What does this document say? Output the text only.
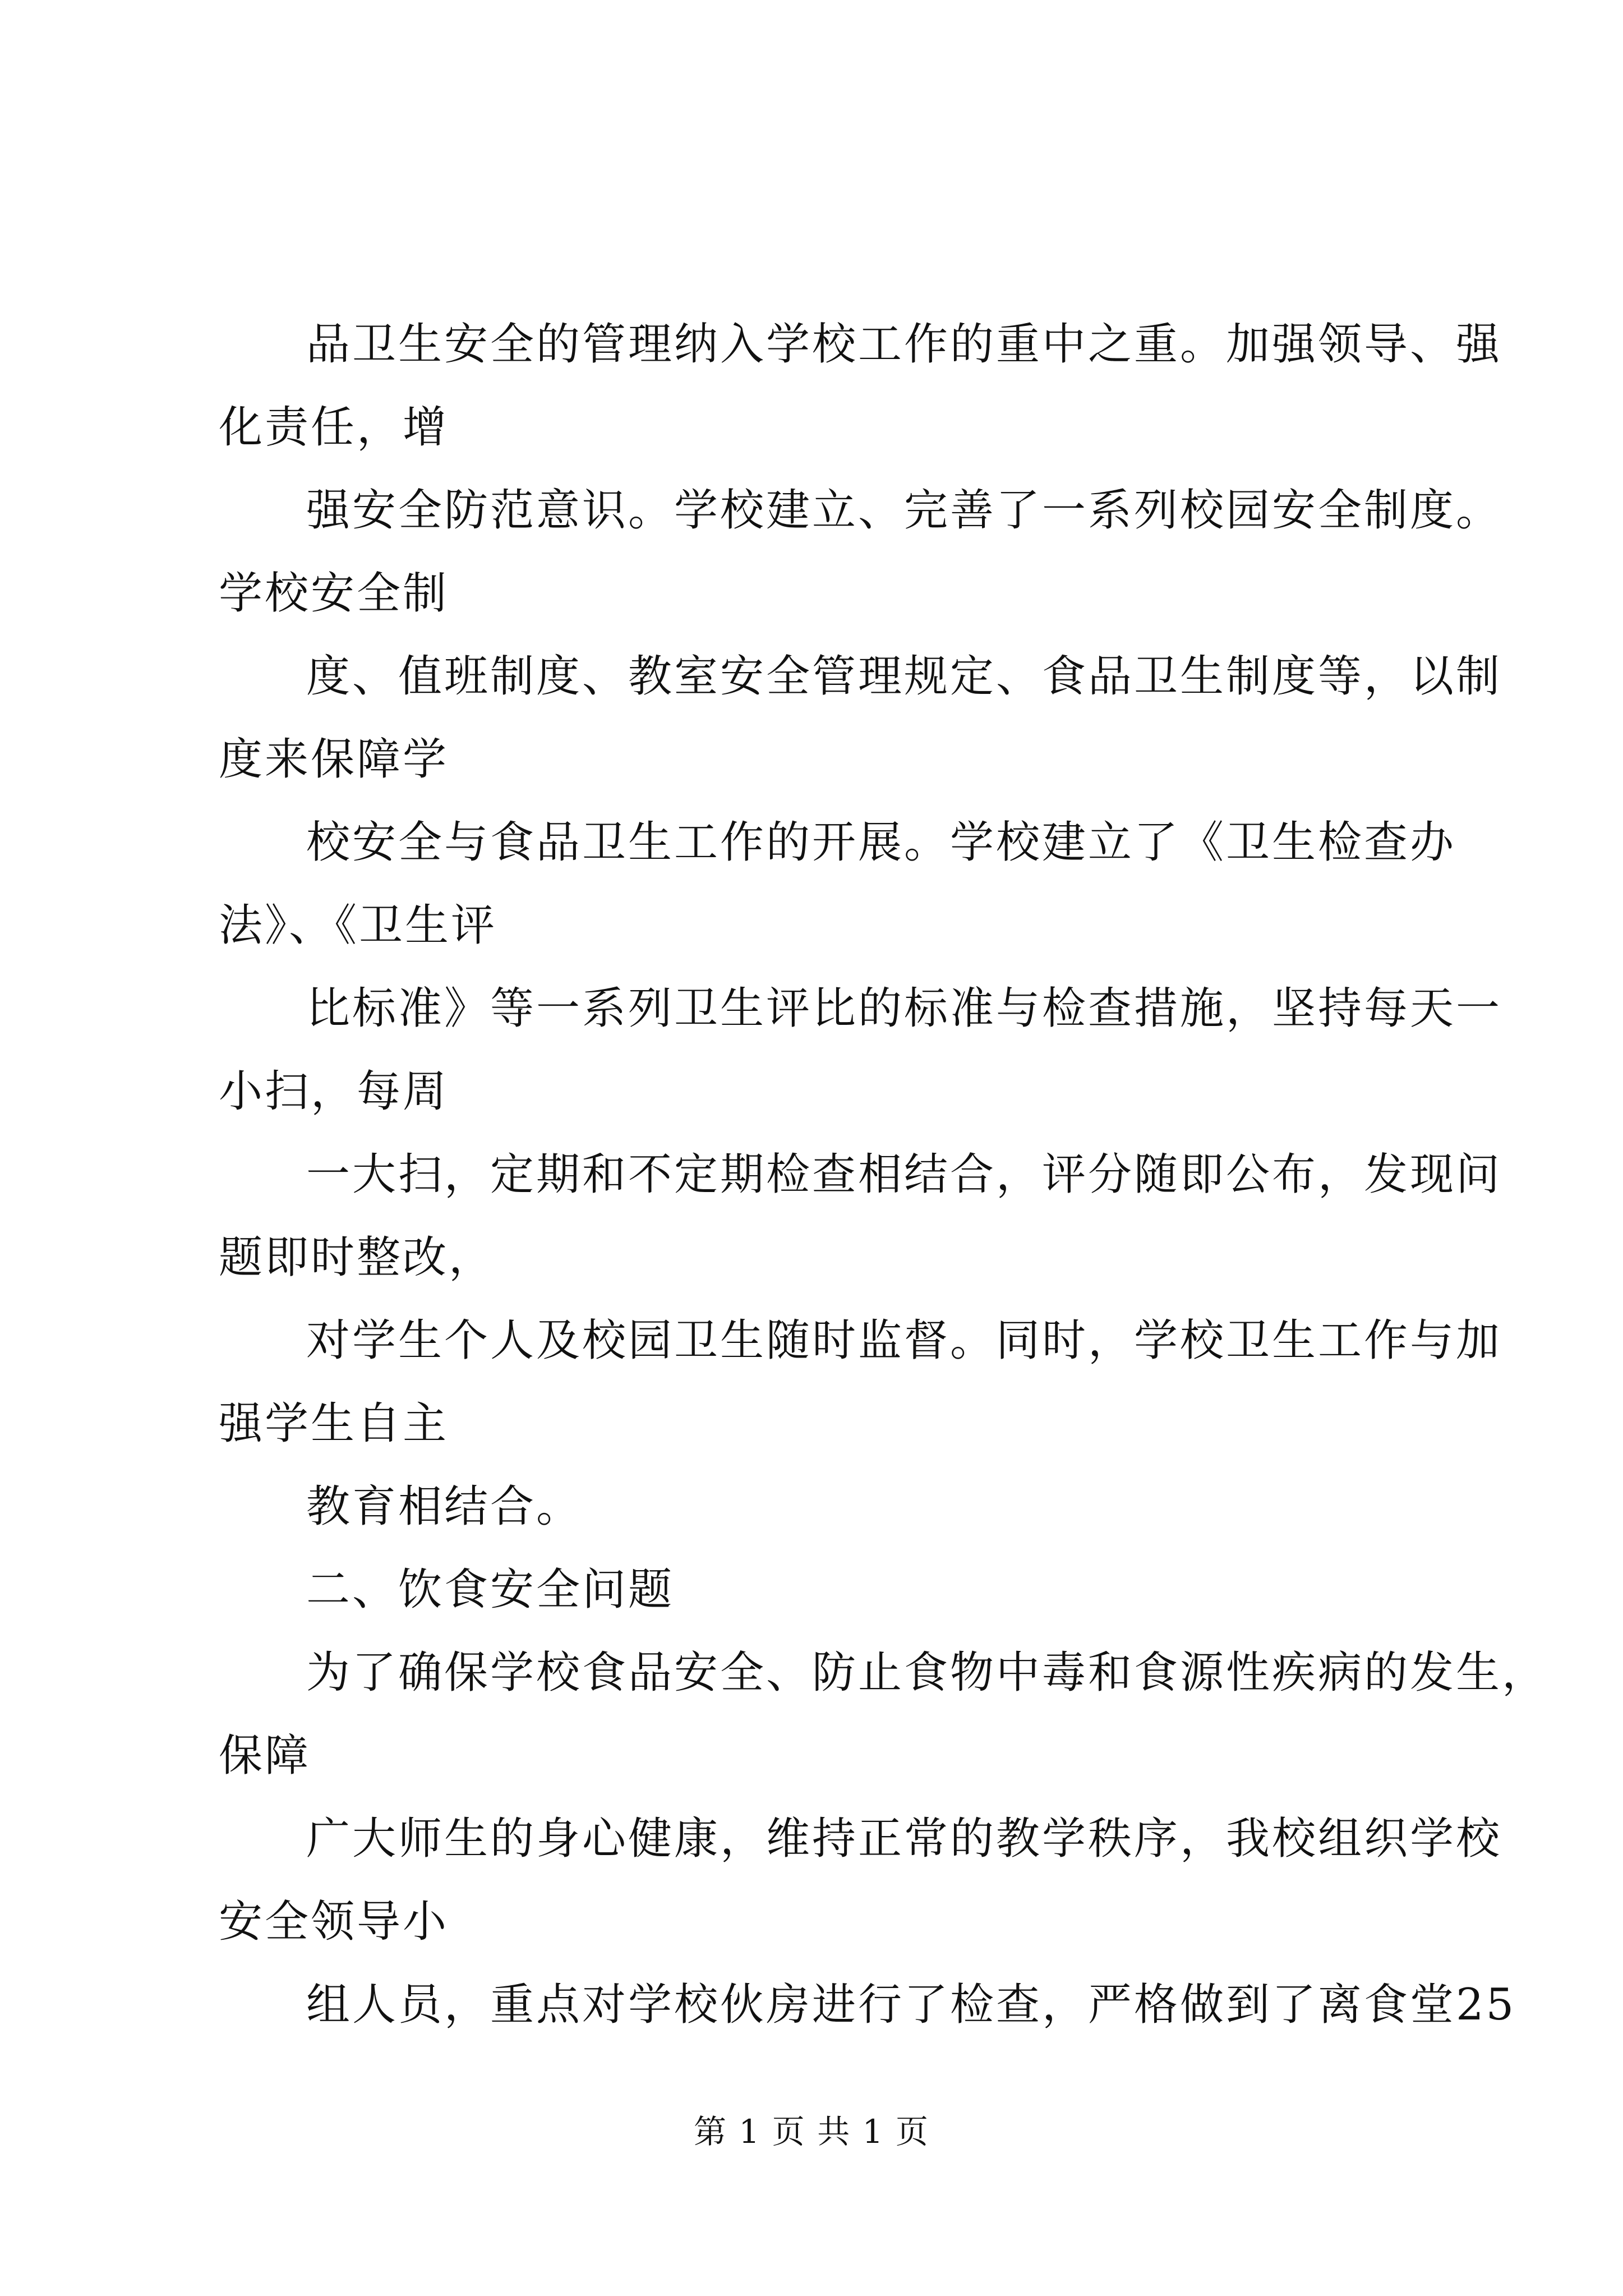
品卫生安全的管理纳入学校工作的重中之重。加强领导、强
化责任，增

强安全防范意识。学校建立、完善了一系列校园安全制度。
学校安全制

度、值班制度、教室安全管理规定、食品卫生制度等，以制
度来保障学

校安全与食品卫生工作的开展。学校建立了《卫生检查办
法》、《卫生评

比标准》等一系列卫生评比的标准与检查措施，坚持每天一
小扫，每周

一大扫，定期和不定期检查相结合，评分随即公布，发现问
题即时整改，

对学生个人及校园卫生随时监督。同时，学校卫生工作与加
强学生自主

教育相结合。

二、饮食安全问题

为了确保学校食品安全、防止食物中毒和食源性疾病的发生，
保障

广大师生的身心健康，维持正常的教学秩序，我校组织学校
安全领导小

组人员，重点对学校伙房进行了检查，严格做到了离食堂25

第 1 页 共 1 页
